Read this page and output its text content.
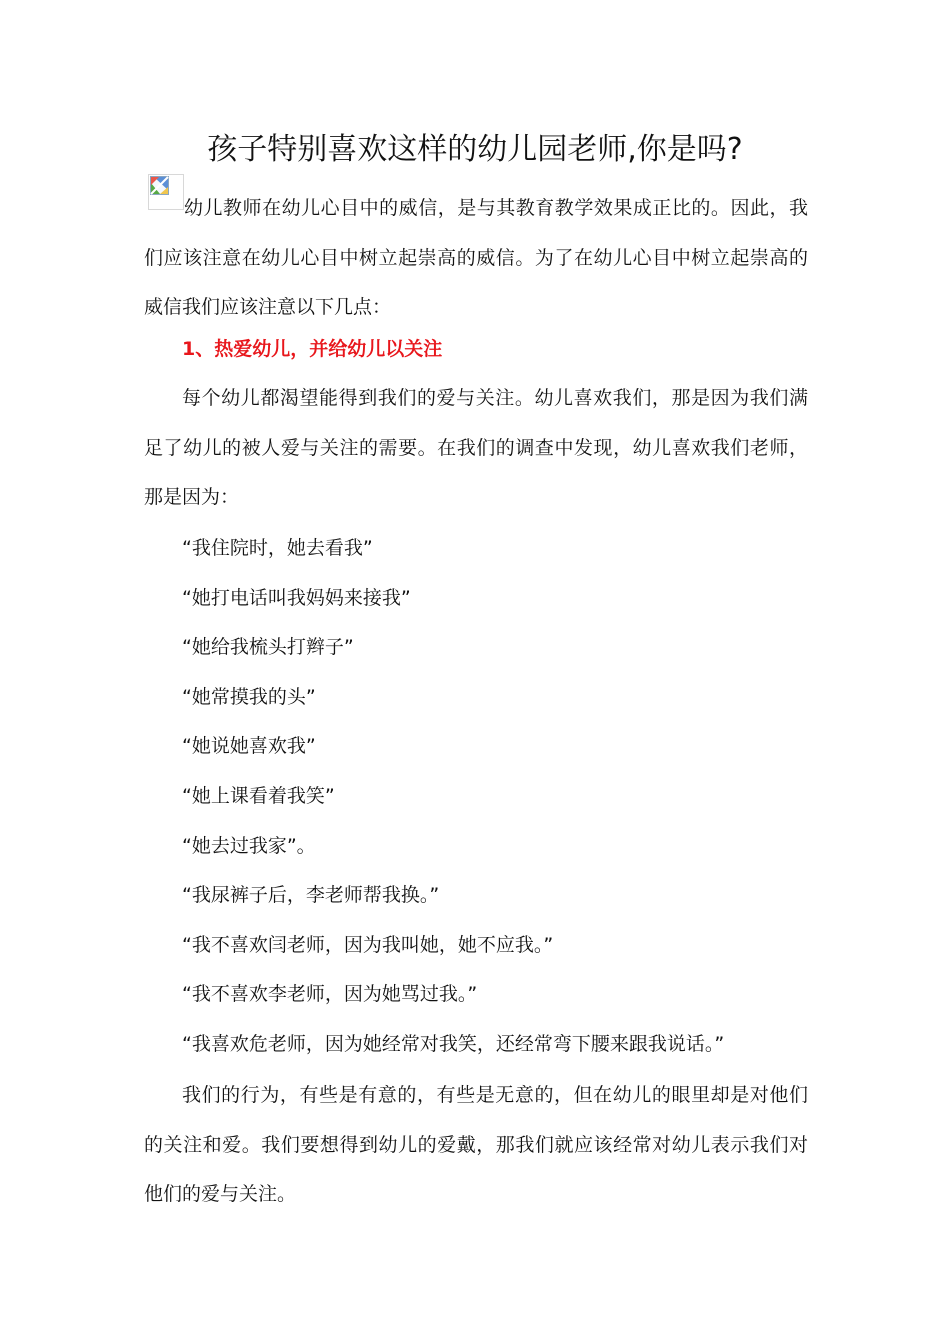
孩子特别喜欢这样的幼儿园老师,你是吗?

幼儿教师在幼儿心目中的威信，是与其教育教学效果成正比的。因此，我们应该注意在幼儿心目中树立起崇高的威信。为了在幼儿心目中树立起崇高的威信我们应该注意以下几点：

1、热爱幼儿，并给幼儿以关注

每个幼儿都渴望能得到我们的爱与关注。幼儿喜欢我们，那是因为我们满足了幼儿的被人爱与关注的需要。在我们的调查中发现，幼儿喜欢我们老师，那是因为：

“我住院时，她去看我”
“她打电话叫我妈妈来接我”
“她给我梳头打辫子”
“她常摸我的头”
“她说她喜欢我”
“她上课看着我笑”
“她去过我家”。
“我尿裤子后，李老师帮我换。”
“我不喜欢闫老师，因为我叫她，她不应我。”
“我不喜欢李老师，因为她骂过我。”
“我喜欢危老师，因为她经常对我笑，还经常弯下腰来跟我说话。”

我们的行为，有些是有意的，有些是无意的，但在幼儿的眼里却是对他们的关注和爱。我们要想得到幼儿的爱戴，那我们就应该经常对幼儿表示我们对他们的爱与关注。
